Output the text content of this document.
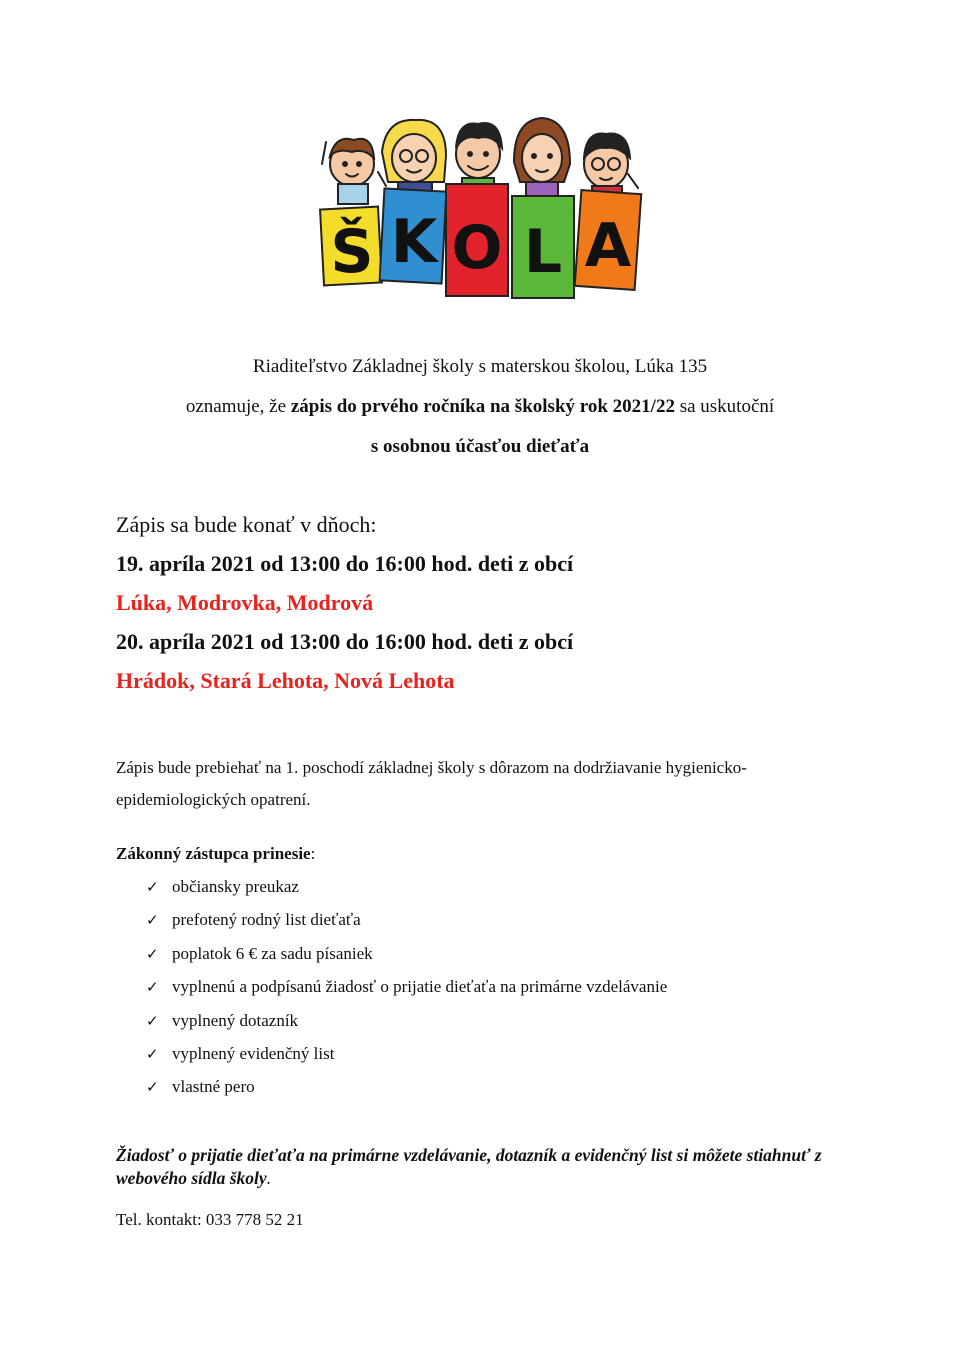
Š K O L A
Riaditeľstvo Základnej školy s materskou školou, Lúka 135
oznamuje, že zápis do prvého ročníka na školský rok 2021/22 sa uskutoční
s osobnou účasťou dieťaťa
Zápis sa bude konať v dňoch:
19. apríla 2021 od 13:00 do 16:00 hod. deti z obcí
Lúka, Modrovka, Modrová
20. apríla 2021 od 13:00 do 16:00 hod. deti z obcí
Hrádok, Stará Lehota, Nová Lehota
Zápis bude prebiehať na 1. poschodí základnej školy s dôrazom na dodržiavanie hygienicko-
epidemiologických opatrení.
Zákonný zástupca prinesie:
✓ občiansky preukaz
✓ prefotený rodný list dieťaťa
✓ poplatok 6 € za sadu písaniek
✓ vyplnenú a podpísanú žiadosť o prijatie dieťaťa na primárne vzdelávanie
✓ vyplnený dotazník
✓ vyplnený evidenčný list
✓ vlastné pero
Žiadosť o prijatie dieťaťa na primárne vzdelávanie, dotazník a evidenčný list si môžete stiahnuť z webového sídla školy.
Tel. kontakt: 033 778 52 21
